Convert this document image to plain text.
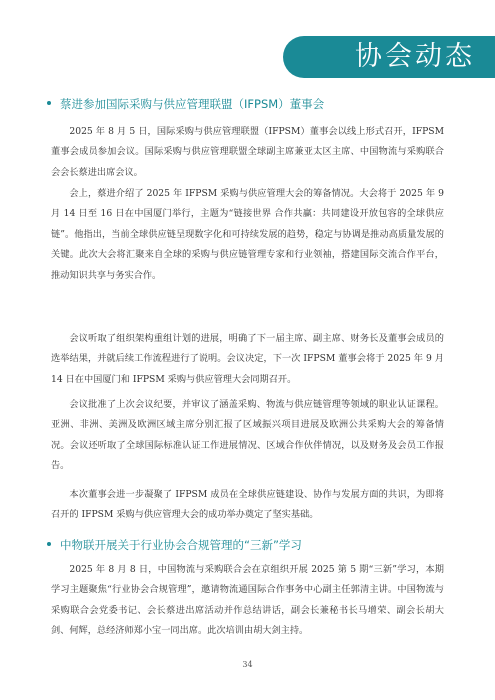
协会动态
蔡进参加国际采购与供应管理联盟（IFPSM）董事会

2025 年 8 月 5 日，国际采购与供应管理联盟（IFPSM）董事会以线上形式召开，IFPSM 董事会成员参加会议。国际采购与供应管理联盟全球副主席兼亚太区主席、中国物流与采购联合会会长蔡进出席会议。

会上，蔡进介绍了 2025 年 IFPSM 采购与供应管理大会的筹备情况。大会将于 2025 年 9 月 14 日至 16 日在中国厦门举行，主题为“链接世界 合作共赢：共同建设开放包容的全球供应链”。他指出，当前全球供应链呈现数字化和可持续发展的趋势，稳定与协调是推动高质量发展的关键。此次大会将汇聚来自全球的采购与供应链管理专家和行业领袖，搭建国际交流合作平台，推动知识共享与务实合作。

会议听取了组织架构重组计划的进展，明确了下一届主席、副主席、财务长及董事会成员的选举结果，并就后续工作流程进行了说明。会议决定，下一次 IFPSM 董事会将于 2025 年 9 月 14 日在中国厦门和 IFPSM 采购与供应管理大会同期召开。

会议批准了上次会议纪要，并审议了涵盖采购、物流与供应链管理等领域的职业认证课程。亚洲、非洲、美洲及欧洲区域主席分别汇报了区域振兴项目进展及欧洲公共采购大会的筹备情况。会议还听取了全球国际标准认证工作进展情况、区域合作伙伴情况，以及财务及会员工作报告。

本次董事会进一步凝聚了 IFPSM 成员在全球供应链建设、协作与发展方面的共识，为即将召开的 IFPSM 采购与供应管理大会的成功举办奠定了坚实基础。

中物联开展关于行业协会合规管理的“三新”学习

2025 年 8 月 8 日，中国物流与采购联合会在京组织开展 2025 第 5 期“三新”学习，本期学习主题聚焦“行业协会合规管理”，邀请物流通国际合作事务中心副主任郭清主讲。中国物流与采购联合会党委书记、会长蔡进出席活动并作总结讲话，副会长兼秘书长马增荣、副会长胡大剑、何辉，总经济师郑小宝一同出席。此次培训由胡大剑主持。

34
